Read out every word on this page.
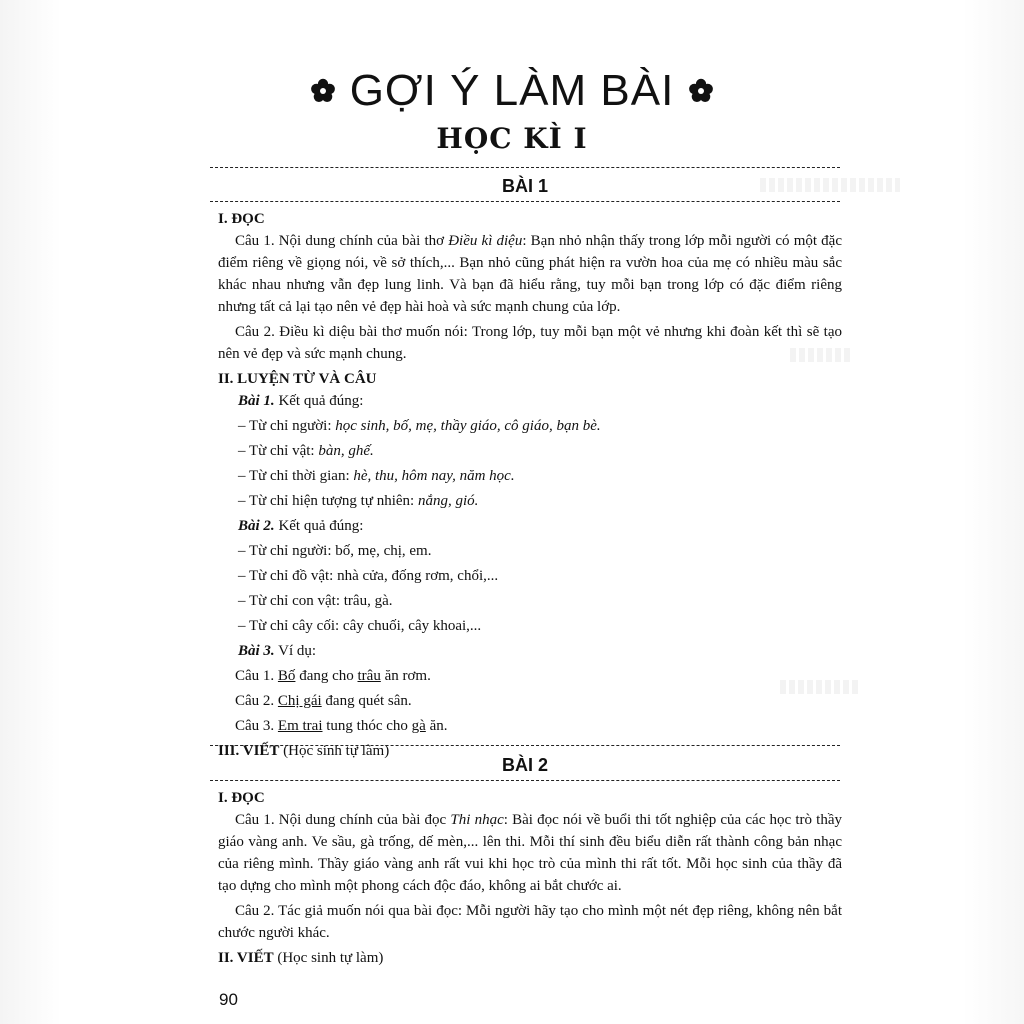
GỢI Ý LÀM BÀI
HỌC KÌ I
BÀI 1

I. ĐỌC

Câu 1. Nội dung chính của bài thơ Điều kì diệu: Bạn nhỏ nhận thấy trong lớp mỗi người có một đặc điểm riêng về giọng nói, về sở thích,... Bạn nhỏ cũng phát hiện ra vườn hoa của mẹ có nhiều màu sắc khác nhau nhưng vẫn đẹp lung linh. Và bạn đã hiểu rằng, tuy mỗi bạn trong lớp có đặc điểm riêng nhưng tất cả lại tạo nên vẻ đẹp hài hoà và sức mạnh chung của lớp.

Câu 2. Điều kì diệu bài thơ muốn nói: Trong lớp, tuy mỗi bạn một vẻ nhưng khi đoàn kết thì sẽ tạo nên vẻ đẹp và sức mạnh chung.

II. LUYỆN TỪ VÀ CÂU

Bài 1. Kết quả đúng:

– Từ chỉ người: học sinh, bố, mẹ, thầy giáo, cô giáo, bạn bè.

– Từ chỉ vật: bàn, ghế.

– Từ chỉ thời gian: hè, thu, hôm nay, năm học.

– Từ chỉ hiện tượng tự nhiên: nắng, gió.

Bài 2. Kết quả đúng:

– Từ chỉ người: bố, mẹ, chị, em.

– Từ chỉ đồ vật: nhà cửa, đống rơm, chổi,...

– Từ chỉ con vật: trâu, gà.

– Từ chỉ cây cối: cây chuối, cây khoai,...

Bài 3. Ví dụ:

Câu 1. Bố đang cho trâu ăn rơm.

Câu 2. Chị gái đang quét sân.

Câu 3. Em trai tung thóc cho gà ăn.

III. VIẾT (Học sinh tự làm)

BÀI 2

I. ĐỌC

Câu 1. Nội dung chính của bài đọc Thi nhạc: Bài đọc nói về buổi thi tốt nghiệp của các học trò thầy giáo vàng anh. Ve sầu, gà trống, dế mèn,... lên thi. Mỗi thí sinh đều biểu diễn rất thành công bản nhạc của riêng mình. Thầy giáo vàng anh rất vui khi học trò của mình thi rất tốt. Mỗi học sinh của thầy đã tạo dựng cho mình một phong cách độc đáo, không ai bắt chước ai.

Câu 2. Tác giả muốn nói qua bài đọc: Mỗi người hãy tạo cho mình một nét đẹp riêng, không nên bắt chước người khác.

II. VIẾT (Học sinh tự làm)

90
